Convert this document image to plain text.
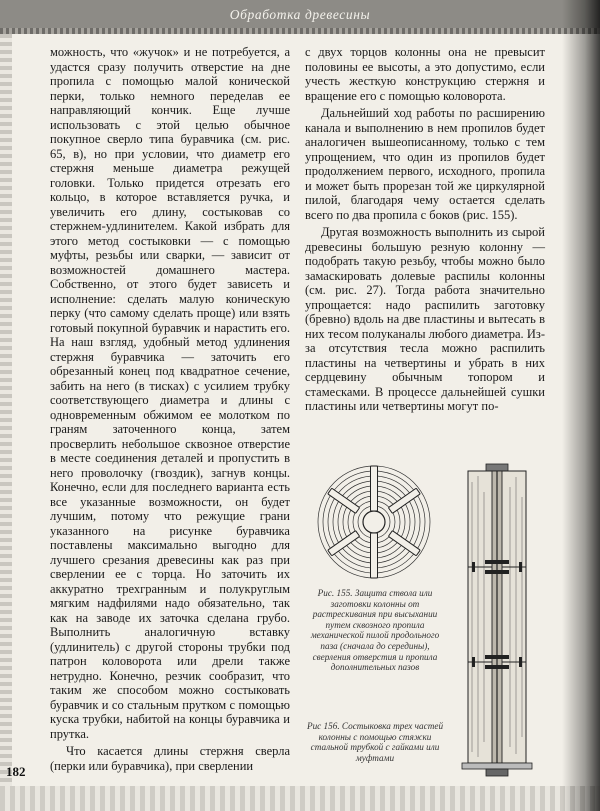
Обработка древесины

можность, что «жучок» и не потребуется, а удастся сразу получить отверстие на дне пропила с помощью малой конической перки, только немного переделав ее направляющий кончик. Еще лучше использовать с этой целью обычное покупное сверло типа буравчика (см. рис. 65, в), но при условии, что диаметр его стержня меньше диаметра режущей головки. Только придется отрезать его кольцо, в которое вставляется ручка, и увеличить его длину, состыковав со стержнем-удлинителем. Какой избрать для этого метод состыковки — с помощью муфты, резьбы или сварки, — зависит от возможностей домашнего мастера. Собственно, от этого будет зависеть и исполнение: сделать малую коническую перку (что самому сделать проще) или взять готовый покупной буравчик и нарастить его. На наш взгляд, удобный метод удлинения стержня буравчика — заточить его обрезанный конец под квадратное сечение, забить на него (в тисках) с усилием трубку соответствующего диаметра и длины с одновременным обжимом ее молотком по граням заточенного конца, затем просверлить небольшое сквозное отверстие в месте соединения деталей и пропустить в него проволочку (гвоздик), загнув концы. Конечно, если для последнего варианта есть все указанные возможности, он будет лучшим, потому что режущие грани указанного на рисунке буравчика поставлены максимально выгодно для лучшего срезания древесины как раз при сверлении ее с торца. Но заточить их аккуратно трехгранным и полукруглым мягким надфилями надо обязательно, так как на заводе их заточка сделана грубо. Выполнить аналогичную вставку (удлинитель) с другой стороны трубки под патрон коловорота или дрели также нетрудно. Конечно, резчик сообразит, что таким же способом можно состыковать буравчик и со стальным прутком с помощью куска трубки, набитой на концы буравчика и прутка.

Что касается длины стержня сверла (перки или буравчика), при сверлении

с двух торцов колонны она не превысит половины ее высоты, а это допустимо, если учесть жесткую конструкцию стержня и вращение его с помощью коловорота.

Дальнейший ход работы по расширению канала и выполнению в нем пропилов будет аналогичен вышеописанному, только с тем упрощением, что один из пропилов будет продолжением первого, исходного, пропила и может быть прорезан той же циркулярной пилой, благодаря чему остается сделать всего по два пропила с боков (рис. 155).

Другая возможность выполнить из сырой древесины большую резную колонну — подобрать такую резьбу, чтобы можно было замаскировать долевые распилы колонны (см. рис. 27). Тогда работа значительно упрощается: надо распилить заготовку (бревно) вдоль на две пластины и вытесать в них тесом полуканалы любого диаметра. Из-за отсутствия тесла можно распилить пластины на четвертины и убрать в них сердцевину обычным топором и стамесками. В процессе дальнейшей сушки пластины или четвертины могут по-

Рис. 155. Защита ствола или заготовки колонны от растрескивания при высыхании путем сквозного пропила механической пилой продольного паза (сначала до середины), сверления отверстия и пропила дополнительных пазов
Рис 156. Состыковка трех частей колонны с помощью стяжки стальной трубкой с гайками или муфтами
182
